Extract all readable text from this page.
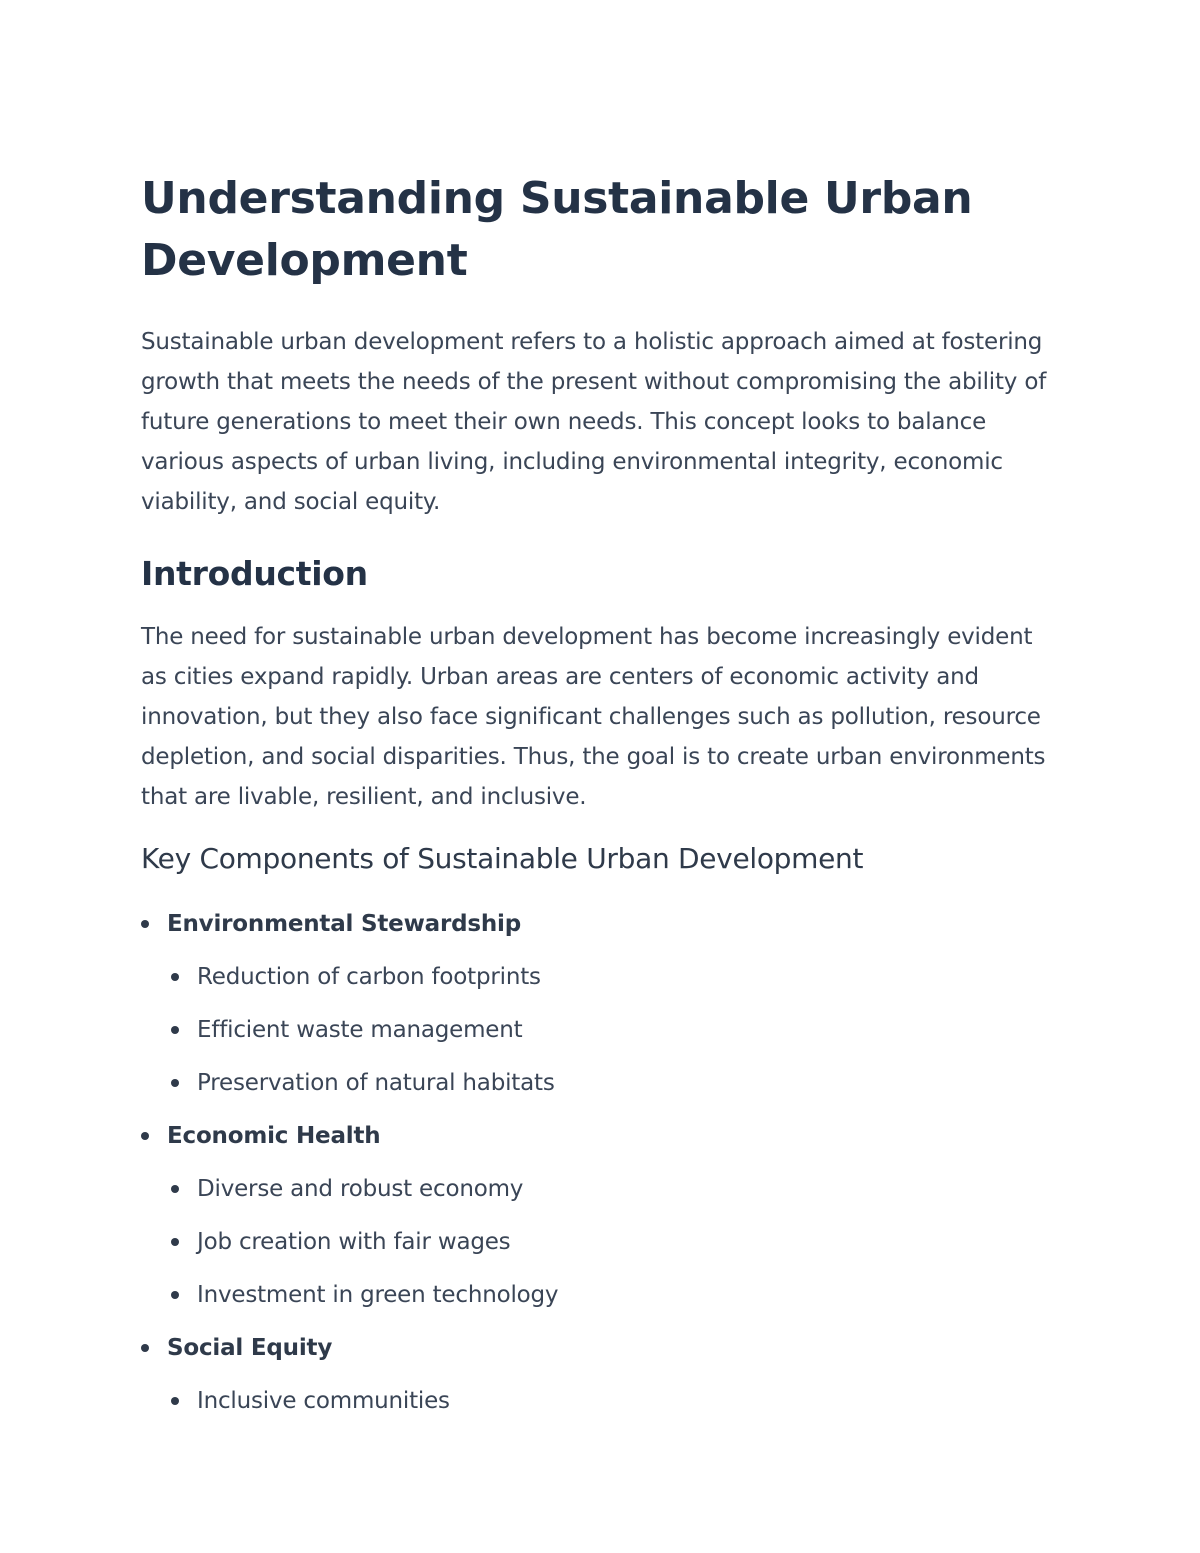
Understanding Sustainable Urban
Development

Sustainable urban development refers to a holistic approach aimed at fostering growth that meets the needs of the present without compromising the ability of future generations to meet their own needs. This concept looks to balance various aspects of urban living, including environmental integrity, economic viability, and social equity.

Introduction

The need for sustainable urban development has become increasingly evident as cities expand rapidly. Urban areas are centers of economic activity and innovation, but they also face significant challenges such as pollution, resource depletion, and social disparities. Thus, the goal is to create urban environments that are livable, resilient, and inclusive.

Key Components of Sustainable Urban Development
Environmental Stewardship
Reduction of carbon footprints
Efficient waste management
Preservation of natural habitats
Economic Health
Diverse and robust economy
Job creation with fair wages
Investment in green technology
Social Equity
Inclusive communities
